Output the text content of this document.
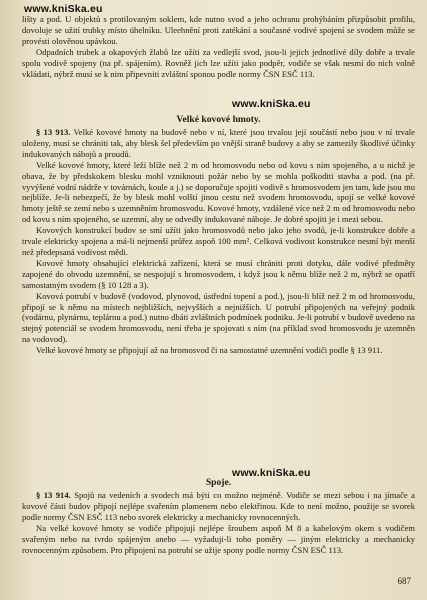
www.kniSka.eu

lišty a pod. U objektů s protilovaným soklem, kde nutno svod a jeho ochranu prohýbáním přizpůsobit profilu, dovoluje se užití trubky místo úhelníku. Uleehnění proti zatékání a současné vodivé spojení se svodem může se provésti olověnou upávkou.

Odpadních trubek a okapových žlabů lze užíti za vedlejší svod, jsou-li jejich jednotlivé díly dobře a trvale spolu vodivě spojeny (na př. spájením). Rovněž jich lze užíti jako podpěr, vodiče se však nesmí do nich volně vkládati, nýbrž musí se k nim připevniti zvláštní sponou podle normy ČSN ESČ 113.

www.kniSka.eu
Velké kovové hmoty.

§ 13 913. Velké kovové hmoty na budově nebo v ní, které jsou trvalou její součástí nebo jsou v ní trvale uloženy, musí se chrániti tak, aby blesk šel především po vnější straně budovy a aby se zamezily škodlivé účinky indukovaných nábojů a proudů.

Velké kovové hmoty, které leží blíže než 2 m od hromosvodu nebo od kovu s ním spojeného, a u nichž je obava, že by předskokem blesku mohl vzniknouti požár nebo by se mohla poškoditi stavba a pod. (na př. vyvýšené vodní nádrže v továrnách, koule a j.) se doporučuje spojiti vodivě s hromosvodem jen tam, kde jsou mu nejblíže. Je-li nebezpečí, že by blesk mohl volští jinou cestu než svodem hromosvodu, spojí se velké kovové hmoty ještě se zemí nebo s uzemněním hromosvodu. Kovové hmoty, vzdálené více než 2 m od hromosvodu nebo od kovu s ním spojeného, se uzemní, aby se odvedly indukované náboje. Je dobré spojiti je i mezi sebou.

Kovových konstrukcí budov se smí užíti jako hromosvodů nebo jako jeho svodů, je-li konstrukce dobře a trvale elektricky spojena a má-li nejmenší průřez aspoň 100 mm². Celková vodivost konstrukce nesmí být menší než předepsaná vodivost mědi.

Kovové hmoty obsahující elektrická zařízení, která se musí chrániti proti dotyku, dále vodivé předměty zapojené do obvodu uzemnění, se nespojují s hromosvodem, i když jsou k němu blíže než 2 m, nýbrž se opatří samostatným svodem (§ 10 128 a 3).

Kovová potrubí v budově (vodovod, plynovod, ústřední topení a pod.), jsou-li blíž než 2 m od hromosvodu, připojí se k němu na místech nejbližších, nejvyšších a nejnižších. U potrubí připojených na veřejný podnik (vodárnu, plynárnu, teplárnu a pod.) nutno dbáti zvláštních podmínek podniku. Je-li potrubí v budově uvedeno na stejný potenciál se svodem hromosvodu, není třeba je spojovati s ním (na příklad svod hromosvodu je uzemněn na vodovod).

Velké kovové hmoty se připojují až na hromosvod či na samostatné uzemnění vodiči podle § 13 911.

www.kniSka.eu
Spoje.

§ 13 914. Spojů na vedeních a svodech má býti co možno nejméně. Vodiče se mezi sebou i na jímače a kovové části budov připojí nejlépe svařením plamenem nebo elektřinou. Kde to není možno, použije se svorek podle normy ČSN ESČ 113 nebo svorek elektricky a mechanicky rovnocenných.

Na velké kovové hmoty se vodiče připojují nejlépe šroubem aspoň M 8 a kabelovým okem s vodičem svařeným nebo na tvrdo spájeným anebo — vyžaduji-li toho poměry — jiným elektricky a mechanicky rovnocenným způsobem. Pro připojení na potrubí se užije spony podle normy ČSN ESČ 113.

687
